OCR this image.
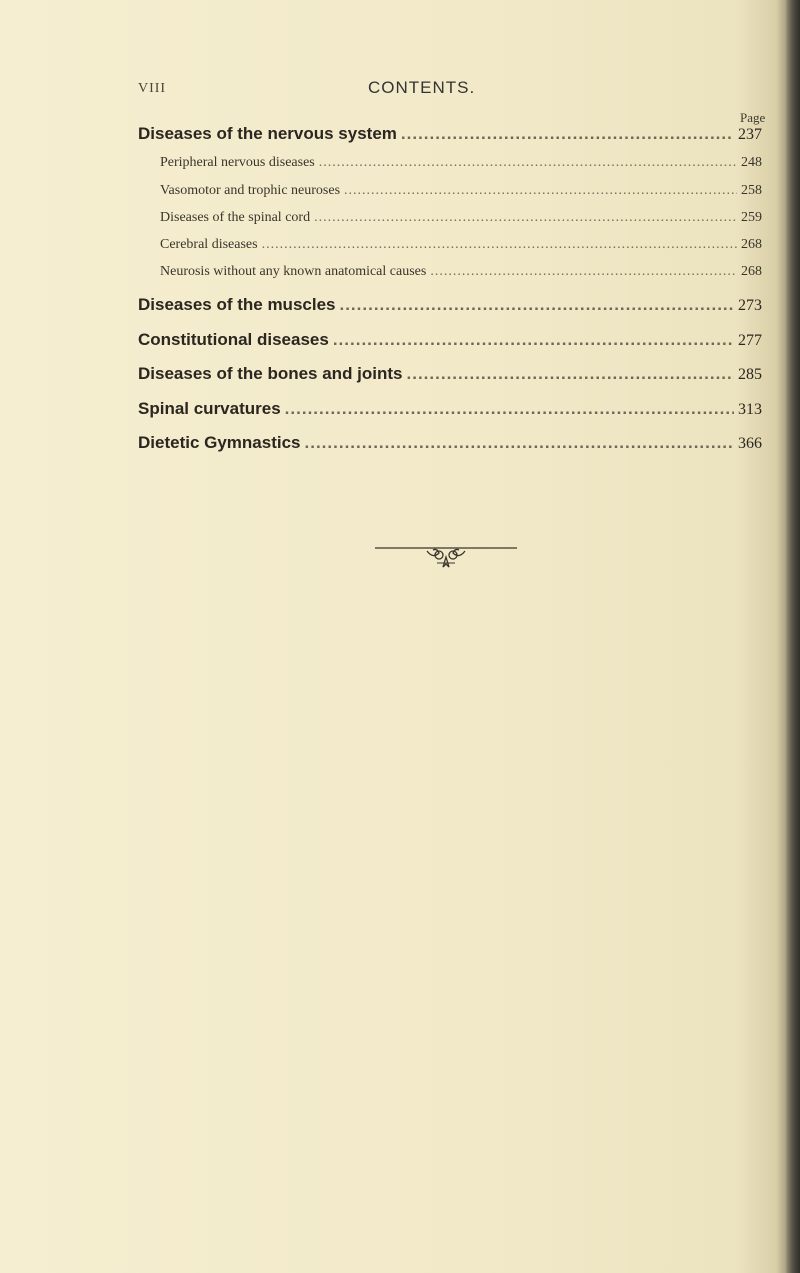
VIII	CONTENTS.
Page
Diseases of the nervous system .....	237
Peripheral nervous diseases .....	248
Vasomotor and trophic neuroses .....	258
Diseases of the spinal cord .....	259
Cerebral diseases .....	268
Neurosis without any known anatomical causes .....	268
Diseases of the muscles .....	273
Constitutional diseases .....	277
Diseases of the bones and joints .....	285
Spinal curvatures .....	313
Dietetic Gymnastics .....	366
